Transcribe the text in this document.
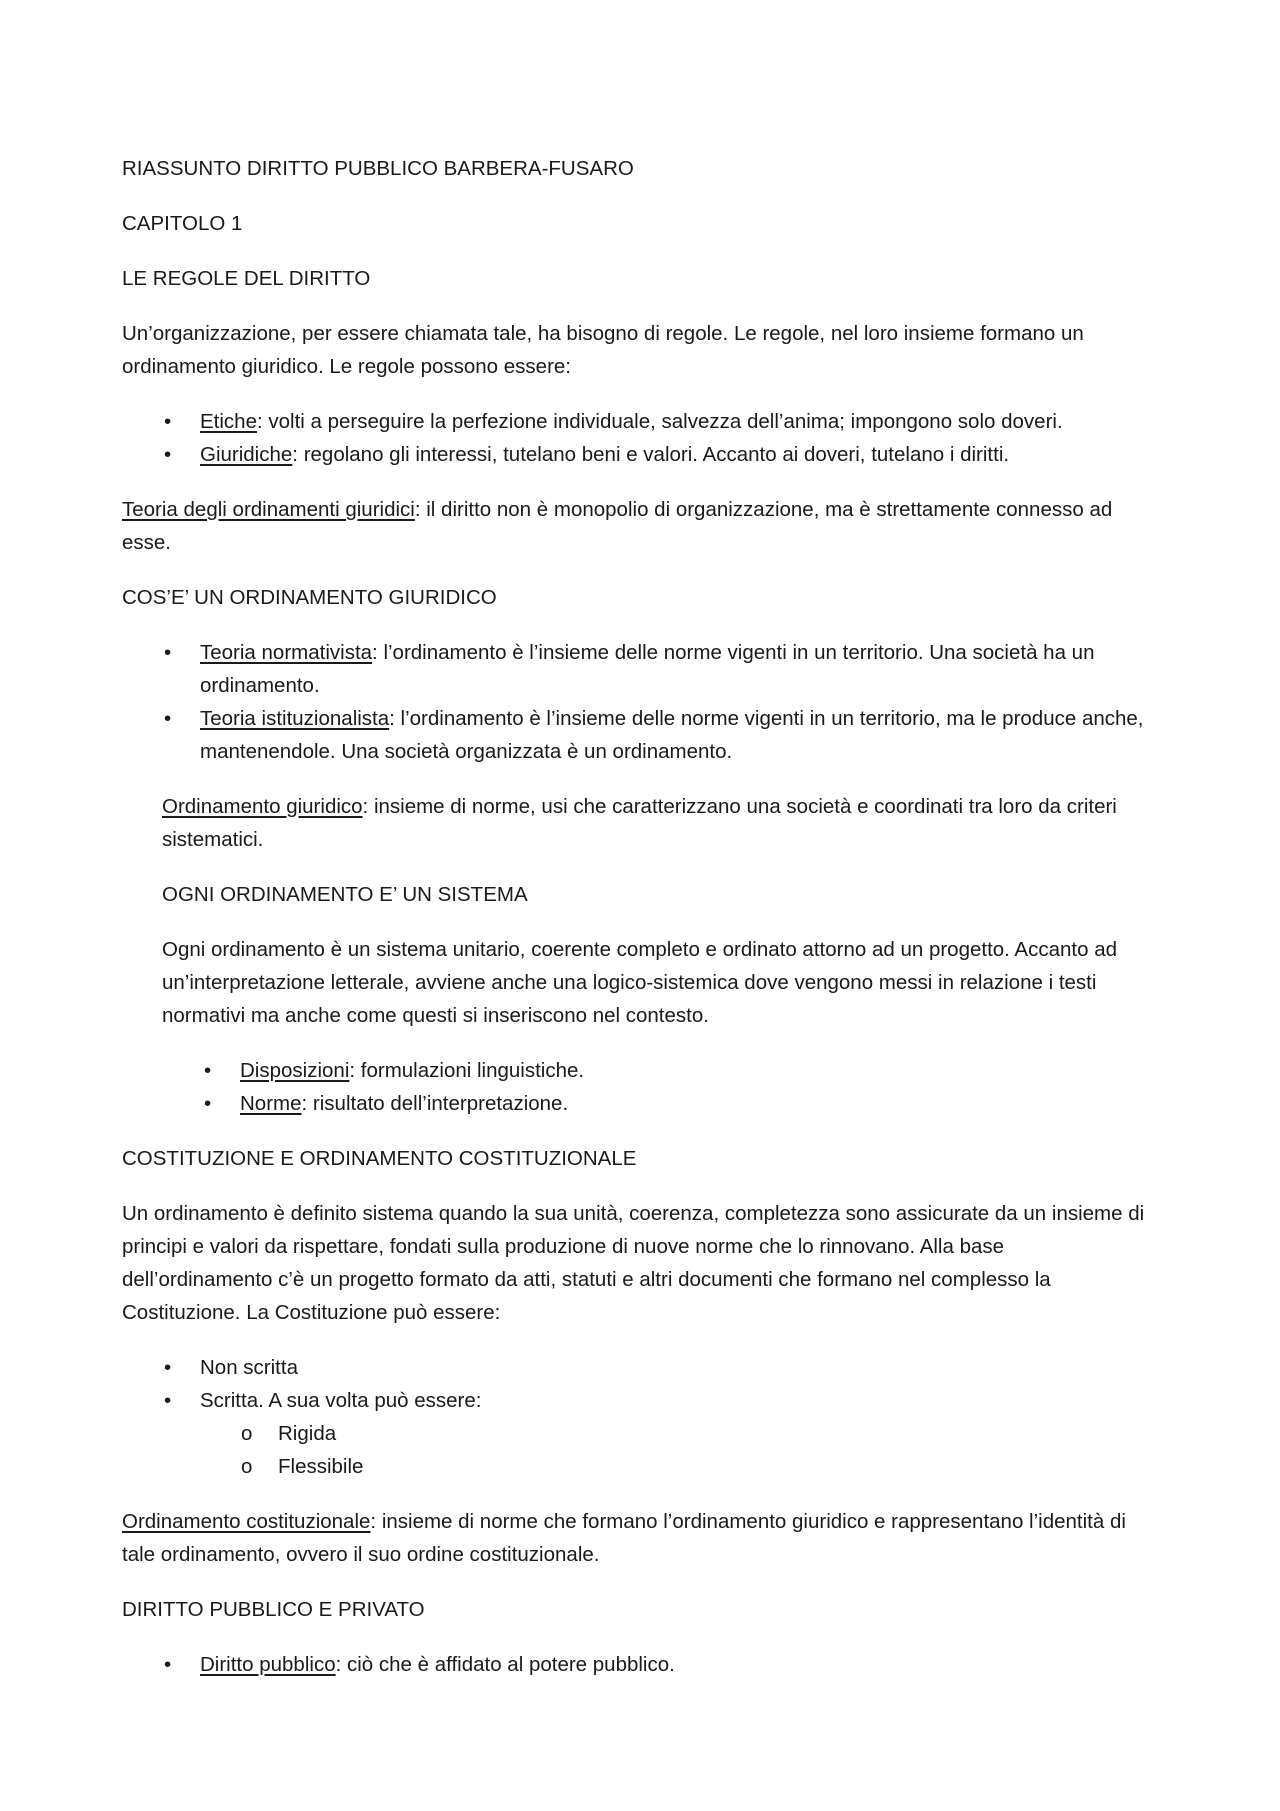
RIASSUNTO DIRITTO PUBBLICO BARBERA-FUSARO

CAPITOLO 1

LE REGOLE DEL DIRITTO

Un’organizzazione, per essere chiamata tale, ha bisogno di regole. Le regole, nel loro insieme formano un ordinamento giuridico. Le regole possono essere:

• Etiche: volti a perseguire la perfezione individuale, salvezza dell’anima; impongono solo doveri.
• Giuridiche: regolano gli interessi, tutelano beni e valori. Accanto ai doveri, tutelano i diritti.

Teoria degli ordinamenti giuridici: il diritto non è monopolio di organizzazione, ma è strettamente connesso ad esse.

COS’E’ UN ORDINAMENTO GIURIDICO

• Teoria normativista: l’ordinamento è l’insieme delle norme vigenti in un territorio. Una società ha un ordinamento.
• Teoria istituzionalista: l’ordinamento è l’insieme delle norme vigenti in un territorio, ma le produce anche, mantenendole. Una società organizzata è un ordinamento.

Ordinamento giuridico: insieme di norme, usi che caratterizzano una società e coordinati tra loro da criteri sistematici.

OGNI ORDINAMENTO E’ UN SISTEMA

Ogni ordinamento è un sistema unitario, coerente completo e ordinato attorno ad un progetto. Accanto ad un’interpretazione letterale, avviene anche una logico-sistemica dove vengono messi in relazione i testi normativi ma anche come questi si inseriscono nel contesto.

• Disposizioni: formulazioni linguistiche.
• Norme: risultato dell’interpretazione.

COSTITUZIONE E ORDINAMENTO COSTITUZIONALE

Un ordinamento è definito sistema quando la sua unità, coerenza, completezza sono assicurate da un insieme di principi e valori da rispettare, fondati sulla produzione di nuove norme che lo rinnovano. Alla base dell’ordinamento c’è un progetto formato da atti, statuti e altri documenti che formano nel complesso la Costituzione. La Costituzione può essere:

• Non scritta
• Scritta. A sua volta può essere:
o Rigida
o Flessibile

Ordinamento costituzionale: insieme di norme che formano l’ordinamento giuridico e rappresentano l’identità di tale ordinamento, ovvero il suo ordine costituzionale.

DIRITTO PUBBLICO E PRIVATO

• Diritto pubblico: ciò che è affidato al potere pubblico.
